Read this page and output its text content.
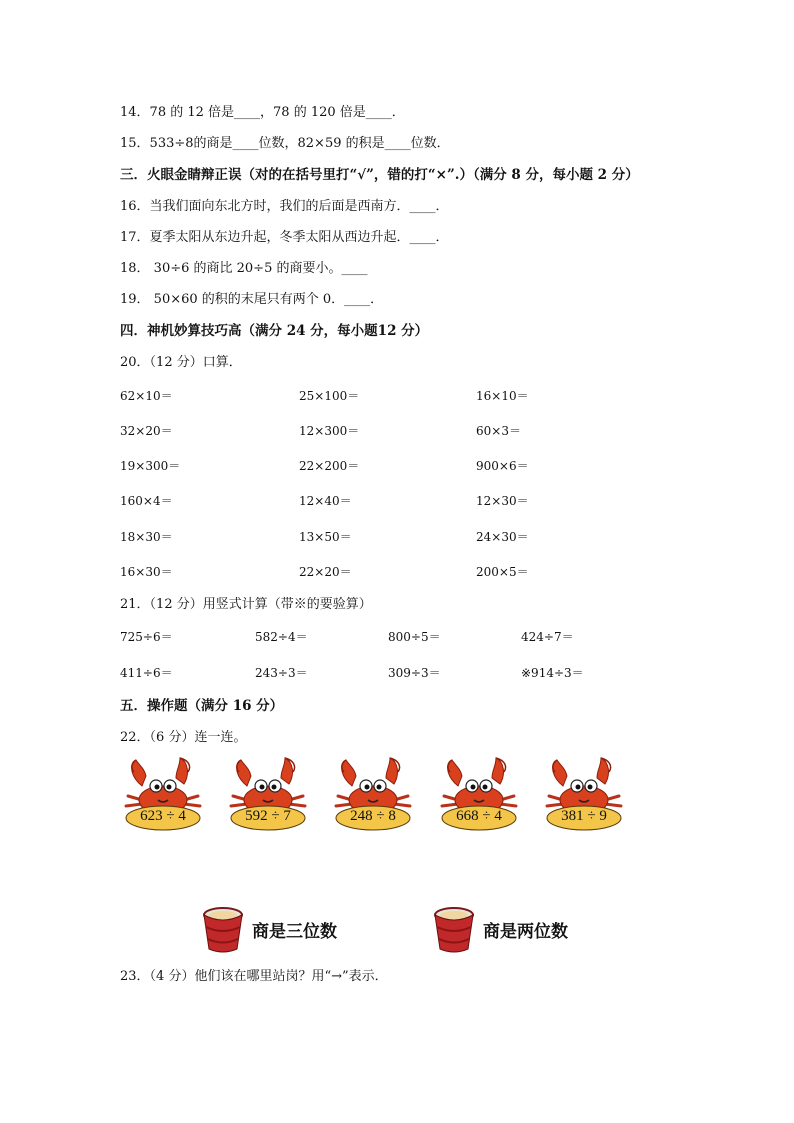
14．78 的 12 倍是____，78 的 120 倍是____．
15．533÷8的商是____位数，82×59 的积是____位数．
三．火眼金睛辩正误（对的在括号里打“√”，错的打“×”.）（满分 8 分，每小题 2 分）
16．当我们面向东北方时，我们的后面是西南方．____．
17．夏季太阳从东边升起，冬季太阳从西边升起．____．
18． 30÷6 的商比 20÷5 的商要小。____
19． 50×60 的积的末尾只有两个 0．____．
四．神机妙算技巧高（满分 24 分，每小题12 分）
20．（12 分）口算．
62×10＝	25×100＝	16×10＝
32×20＝	12×300＝	60×3＝
19×300＝	22×200＝	900×6＝
160×4＝	12×40＝	12×30＝
18×30＝	13×50＝	24×30＝
16×30＝	22×20＝	200×5＝
21．（12 分）用竖式计算（带※的要验算）
725÷6＝	582÷4＝	800÷5＝	424÷7＝
411÷6＝	243÷3＝	309÷3＝	※914÷3＝
五．操作题（满分 16 分）
22．（6 分）连一连。
623 ÷ 4	592 ÷ 7	248 ÷ 8	668 ÷ 4	381 ÷ 9
商是三位数	商是两位数
23．（4 分）他们该在哪里站岗？用“→”表示．
